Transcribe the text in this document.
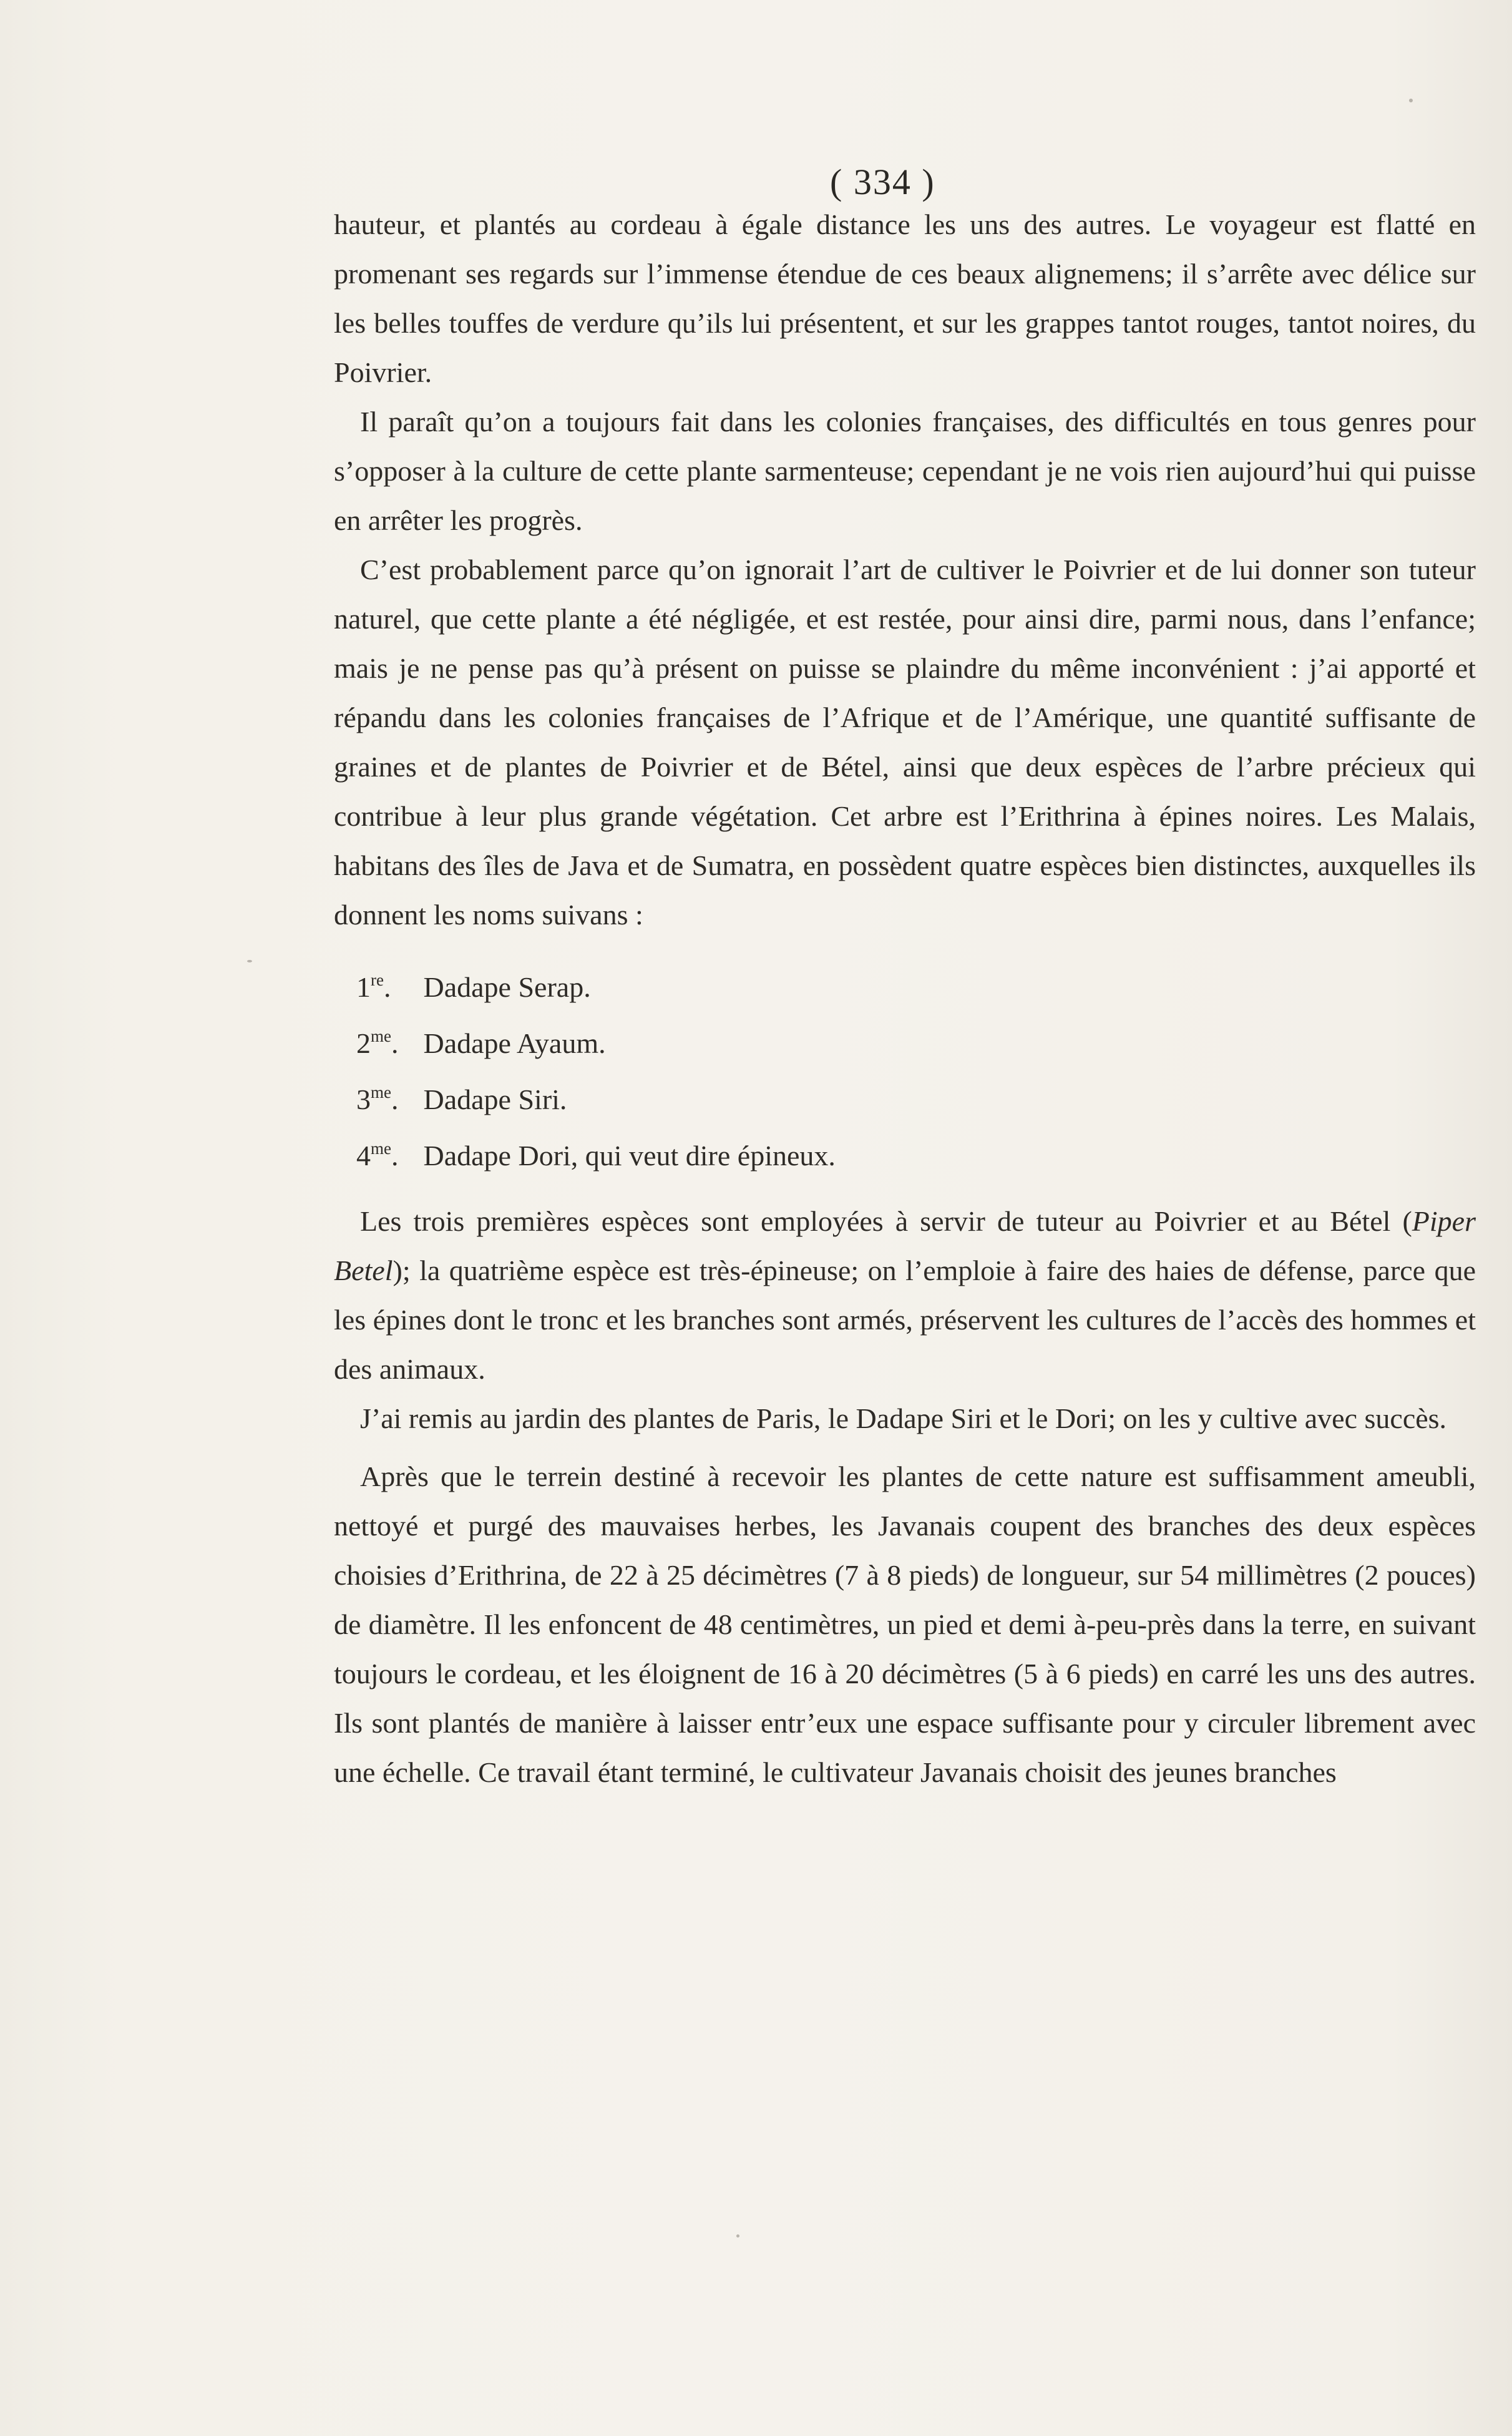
( 334 )

hauteur, et plantés au cordeau à égale distance les uns des autres. Le voyageur est flatté en promenant ses regards sur l’immense étendue de ces beaux alignemens; il s’arrête avec délice sur les belles touffes de verdure qu’ils lui présentent, et sur les grappes tantot rouges, tantot noires, du Poivrier.

Il paraît qu’on a toujours fait dans les colonies françaises, des difficultés en tous genres pour s’opposer à la culture de cette plante sarmenteuse; cependant je ne vois rien aujourd’hui qui puisse en arrêter les progrès.

C’est probablement parce qu’on ignorait l’art de cultiver le Poivrier et de lui donner son tuteur naturel, que cette plante a été négligée, et est restée, pour ainsi dire, parmi nous, dans l’enfance; mais je ne pense pas qu’à présent on puisse se plaindre du même inconvénient : j’ai apporté et répandu dans les colonies françaises de l’Afrique et de l’Amérique, une quantité suffisante de graines et de plantes de Poivrier et de Bétel, ainsi que deux espèces de l’arbre précieux qui contribue à leur plus grande végétation. Cet arbre est l’Erithrina à épines noires. Les Malais, habitans des îles de Java et de Sumatra, en possèdent quatre espèces bien distinctes, auxquelles ils donnent les noms suivans :

1re. Dadape Serap.
$2^{me}$. Dadape Ayaum.
$3^{me}$. Dadape Siri.
$4^{me}$. Dadape Dori, qui veut dire épineux.

Les trois premières espèces sont employées à servir de tuteur au Poivrier et au Bétel (Piper Betel); la quatrième espèce est très-épineuse; on l’emploie à faire des haies de défense, parce que les épines dont le tronc et les branches sont armés, préservent les cultures de l’accès des hommes et des animaux.

J’ai remis au jardin des plantes de Paris, le Dadape Siri et le Dori; on les y cultive avec succès.

Après que le terrein destiné à recevoir les plantes de cette nature est suffisamment ameubli, nettoyé et purgé des mauvaises herbes, les Javanais coupent des branches des deux espèces choisies d’Erithrina, de 22 à 25 décimètres (7 à 8 pieds) de longueur, sur 54 millimètres (2 pouces) de diamètre. Il les enfoncent de 48 centimètres, un pied et demi à-peu-près dans la terre, en suivant toujours le cordeau, et les éloignent de 16 à 20 décimètres (5 à 6 pieds) en carré les uns des autres. Ils sont plantés de manière à laisser entr’eux une espace suffisante pour y circuler librement avec une échelle. Ce travail étant terminé, le cultivateur Javanais choisit des jeunes branches
